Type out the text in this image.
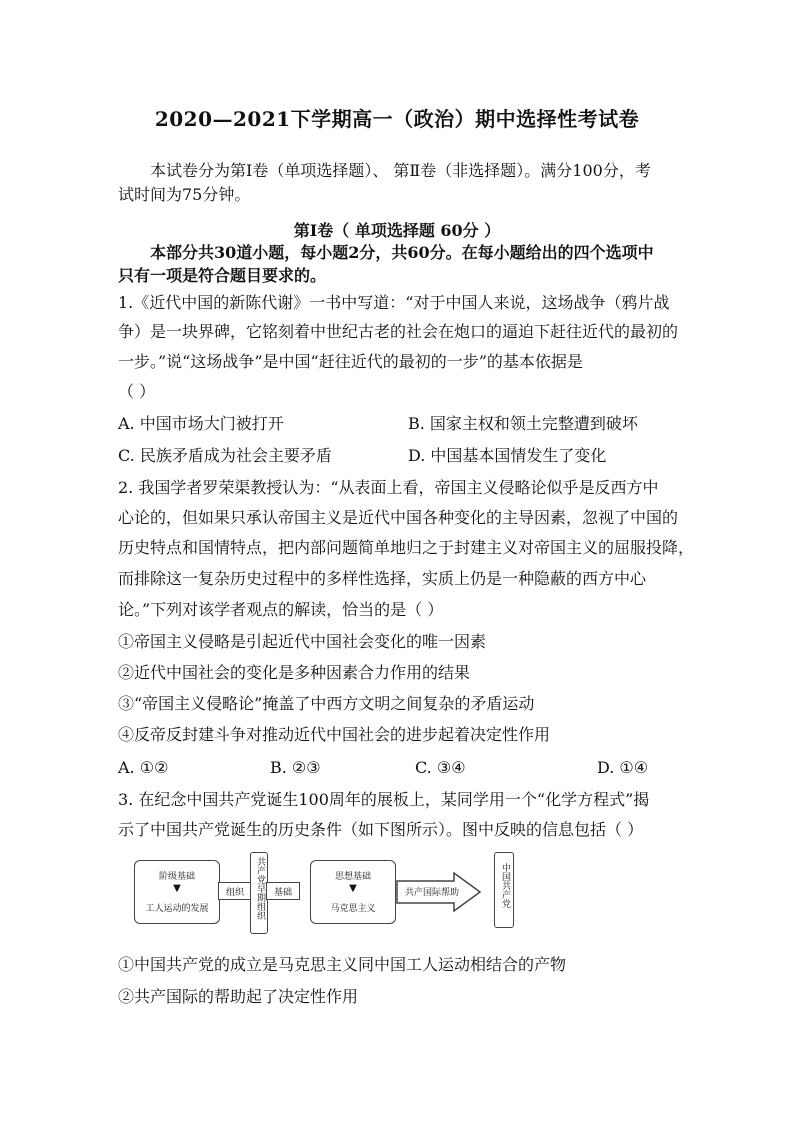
2020—2021下学期高一（政治）期中选择性考试卷
本试卷分为第Ⅰ卷（单项选择题）、 第Ⅱ卷（非选择题）。满分100分，考
试时间为75分钟。
第Ⅰ卷（ 单项选择题 60分 ）
本部分共30道小题，每小题2分，共60分。在每小题给出的四个选项中
只有一项是符合题目要求的。
1.《近代中国的新陈代谢》一书中写道：“对于中国人来说，这场战争（鸦片战
争）是一块界碑，它铭刻着中世纪古老的社会在炮口的逼迫下赶往近代的最初的
一步。”说“这场战争”是中国“赶往近代的最初的一步”的基本依据是
（ ）
A. 中国市场大门被打开	B. 国家主权和领土完整遭到破坏
C. 民族矛盾成为社会主要矛盾	D. 中国基本国情发生了变化
2. 我国学者罗荣渠教授认为：“从表面上看，帝国主义侵略论似乎是反西方中
心论的，但如果只承认帝国主义是近代中国各种变化的主导因素，忽视了中国的
历史特点和国情特点，把内部问题简单地归之于封建主义对帝国主义的屈服投降，
而排除这一复杂历史过程中的多样性选择，实质上仍是一种隐蔽的西方中心
论。”下列对该学者观点的解读，恰当的是（ ）
①帝国主义侵略是引起近代中国社会变化的唯一因素
②近代中国社会的变化是多种因素合力作用的结果
③“帝国主义侵略论”掩盖了中西方文明之间复杂的矛盾运动
④反帝反封建斗争对推动近代中国社会的进步起着决定性作用
A. ①②	B. ②③	C. ③④	D. ①④
3. 在纪念中国共产党诞生100周年的展板上，某同学用一个“化学方程式”揭
示了中国共产党诞生的历史条件（如下图所示）。图中反映的信息包括（ ）
阶级基础
▼
工人运动的发展
组织	共产党早期组织 基础
思想基础
▼
马克思主义
共产国际帮助	中国共产党
①中国共产党的成立是马克思主义同中国工人运动相结合的产物
②共产国际的帮助起了决定性作用
